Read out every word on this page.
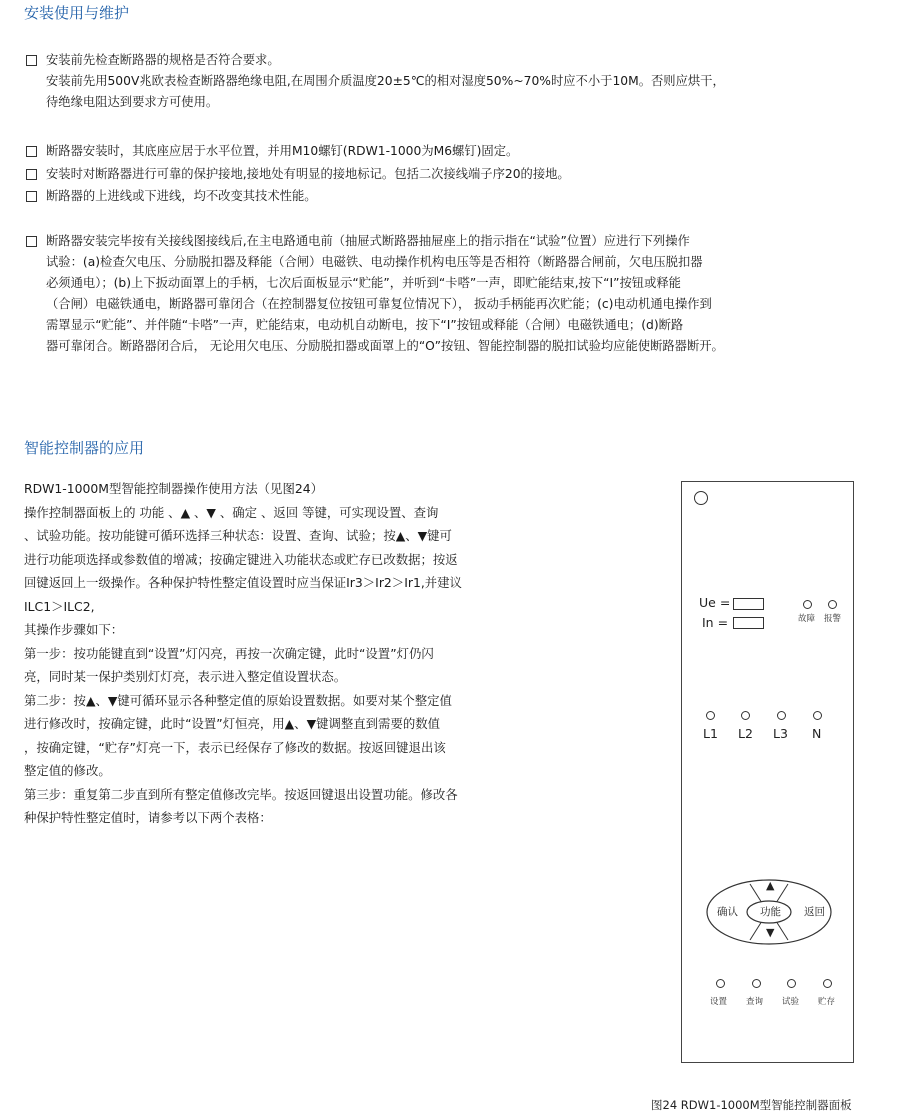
安装使用与维护
安装前先检查断路器的规格是否符合要求。
安装前先用500V兆欧表检查断路器绝缘电阻,在周围介质温度20±5℃的相对湿度50%~70%时应不小于10M。否则应烘干，
待绝缘电阻达到要求方可使用。
断路器安装时，其底座应居于水平位置，并用M10螺钉(RDW1-1000为M6螺钉)固定。
安装时对断路器进行可靠的保护接地,接地处有明显的接地标记。包括二次接线端子序20的接地。
断路器的上进线或下进线，均不改变其技术性能。
断路器安装完毕按有关接线图接线后,在主电路通电前（抽屉式断路器抽屉座上的指示指在“试验”位置）应进行下列操作
试验：(a)检查欠电压、分励脱扣器及释能（合闸）电磁铁、电动操作机构电压等是否相符（断路器合闸前，欠电压脱扣器
必须通电）；(b)上下扳动面罩上的手柄，七次后面板显示“贮能”，并听到“卡嗒”一声，即贮能结束,按下“I”按钮或释能
（合闸）电磁铁通电，断路器可靠闭合（在控制器复位按钮可靠复位情况下）， 扳动手柄能再次贮能；(c)电动机通电操作到
需罩显示“贮能”、并伴随“卡嗒”一声，贮能结束，电动机自动断电，按下“I”按钮或释能（合闸）电磁铁通电；(d)断路
器可靠闭合。断路器闭合后， 无论用欠电压、分励脱扣器或面罩上的“O”按钮、智能控制器的脱扣试验均应能使断路器断开。
智能控制器的应用
RDW1-1000M型智能控制器操作使用方法（见图24）
操作控制器面板上的 功能 、▲ 、▼ 、确定 、返回 等键，可实现设置、查询
、试验功能。按功能键可循环选择三种状态：设置、查询、试验；按▲、▼键可
进行功能项选择或参数值的增减；按确定键进入功能状态或贮存已改数据；按返
回键返回上一级操作。各种保护特性整定值设置时应当保证Ir3＞Ir2＞Ir1,并建议
ILC1＞ILC2,
其操作步骤如下：
第一步：按功能键直到“设置”灯闪亮，再按一次确定键，此时“设置”灯仍闪
亮，同时某一保护类别灯灯亮，表示进入整定值设置状态。
第二步：按▲、▼键可循环显示各种整定值的原始设置数据。如要对某个整定值
进行修改时，按确定键，此时“设置”灯恒亮，用▲、▼键调整直到需要的数值
，按确定键，“贮存”灯亮一下，表示已经保存了修改的数据。按返回键退出该
整定值的修改。
第三步：重复第二步直到所有整定值修改完毕。按返回键退出设置功能。修改各
种保护特性整定值时，请参考以下两个表格：
Ue =
In =	故障 报警
L1 L2 L3 N
▲
▼
确认 功能 返回
设置 查询 试验 贮存
图24 RDW1-1000M型智能控制器面板
